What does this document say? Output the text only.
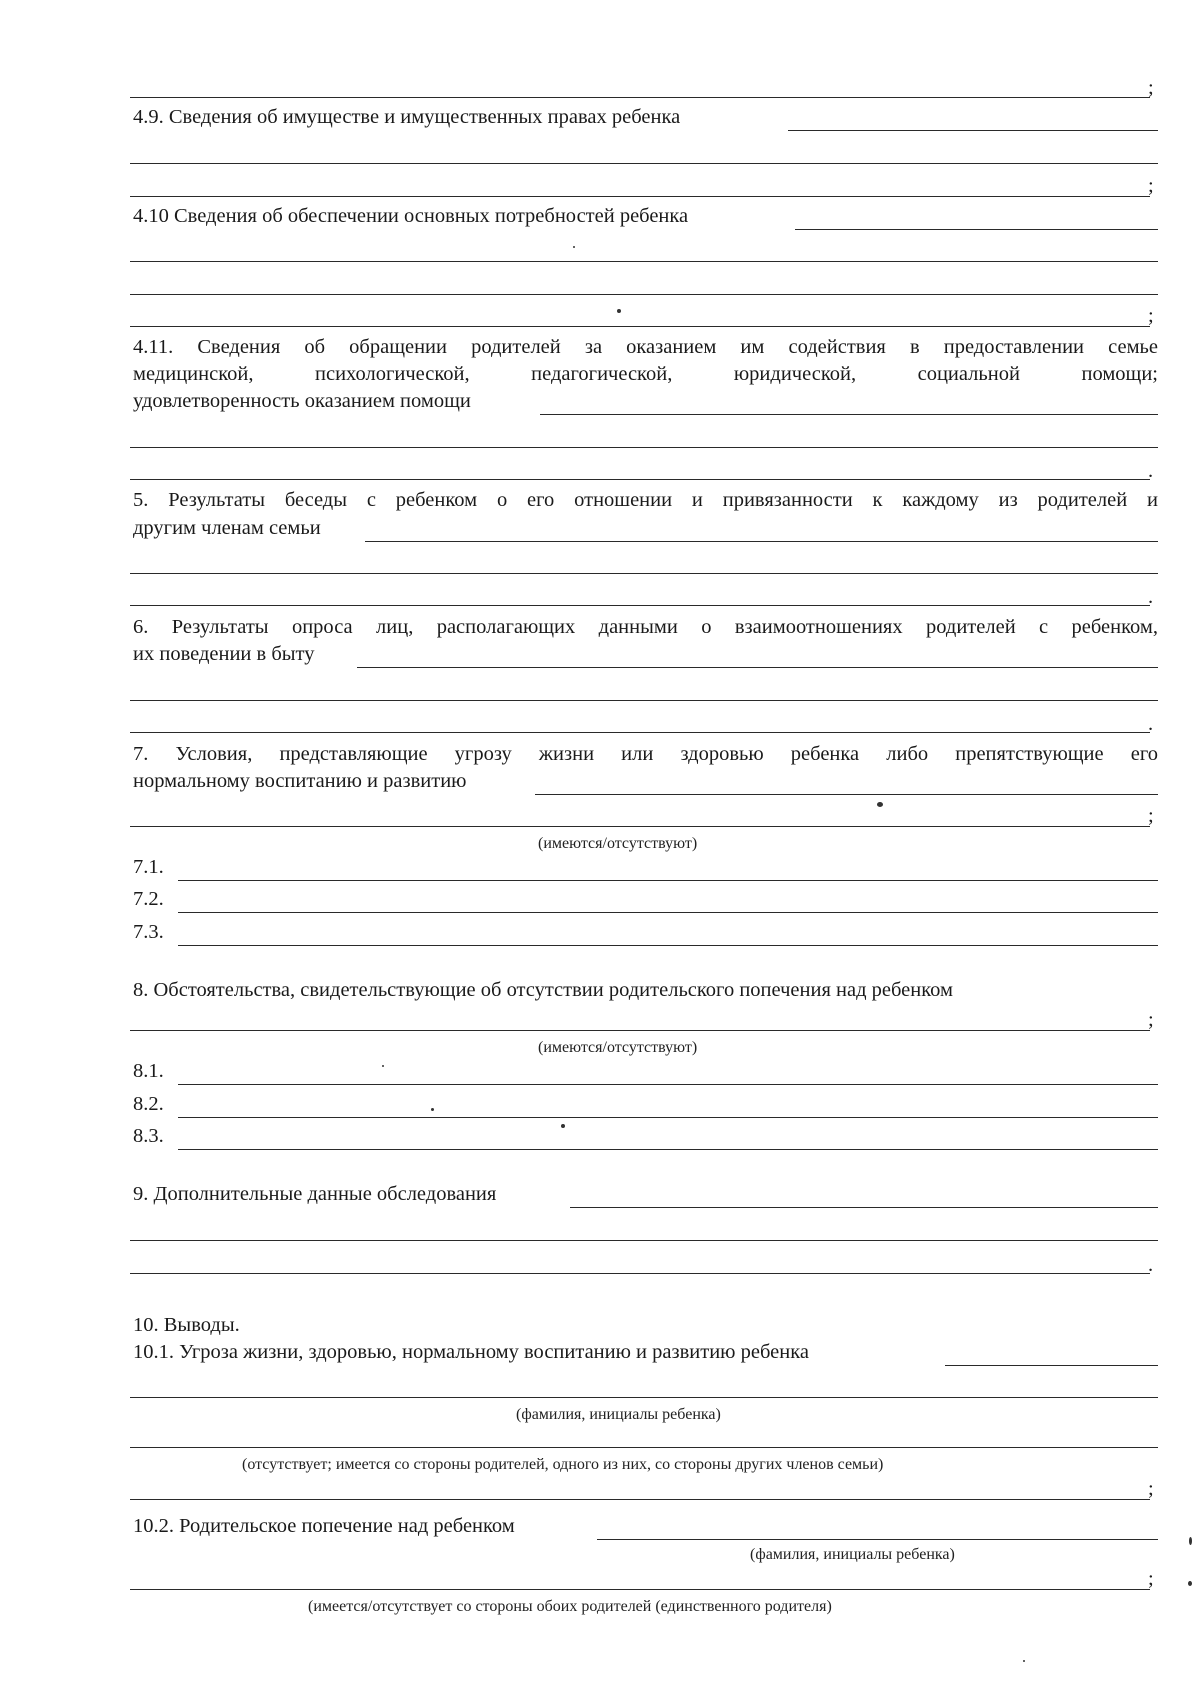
;
4.9. Сведения об имуществе и имущественных правах ребенка
;
4.10 Сведения об обеспечении основных потребностей ребенка
;
4.11. Сведения об обращении родителей за оказанием им содействия в предоставлении семье
медицинской, психологической, педагогической, юридической, социальной помощи;
удовлетворенность оказанием помощи
.
5. Результаты беседы с ребенком о его отношении и привязанности к каждому из родителей и
другим членам семьи
.
6. Результаты опроса лиц, располагающих данными о взаимоотношениях родителей с ребенком,
их поведении в быту
.
7. Условия, представляющие угрозу жизни или здоровью ребенка либо препятствующие его
нормальному воспитанию и развитию
;
(имеются/отсутствуют)
7.1.
7.2.
7.3.
8. Обстоятельства, свидетельствующие об отсутствии родительского попечения над ребенком
;
(имеются/отсутствуют)
8.1.
8.2.
8.3.
9. Дополнительные данные обследования
.
10. Выводы.
10.1. Угроза жизни, здоровью, нормальному воспитанию и развитию ребенка
(фамилия, инициалы ребенка)
(отсутствует; имеется со стороны родителей, одного из них, со стороны других членов семьи)
;
10.2. Родительское попечение над ребенком
(фамилия, инициалы ребенка)
;
(имеется/отсутствует со стороны обоих родителей (единственного родителя)
